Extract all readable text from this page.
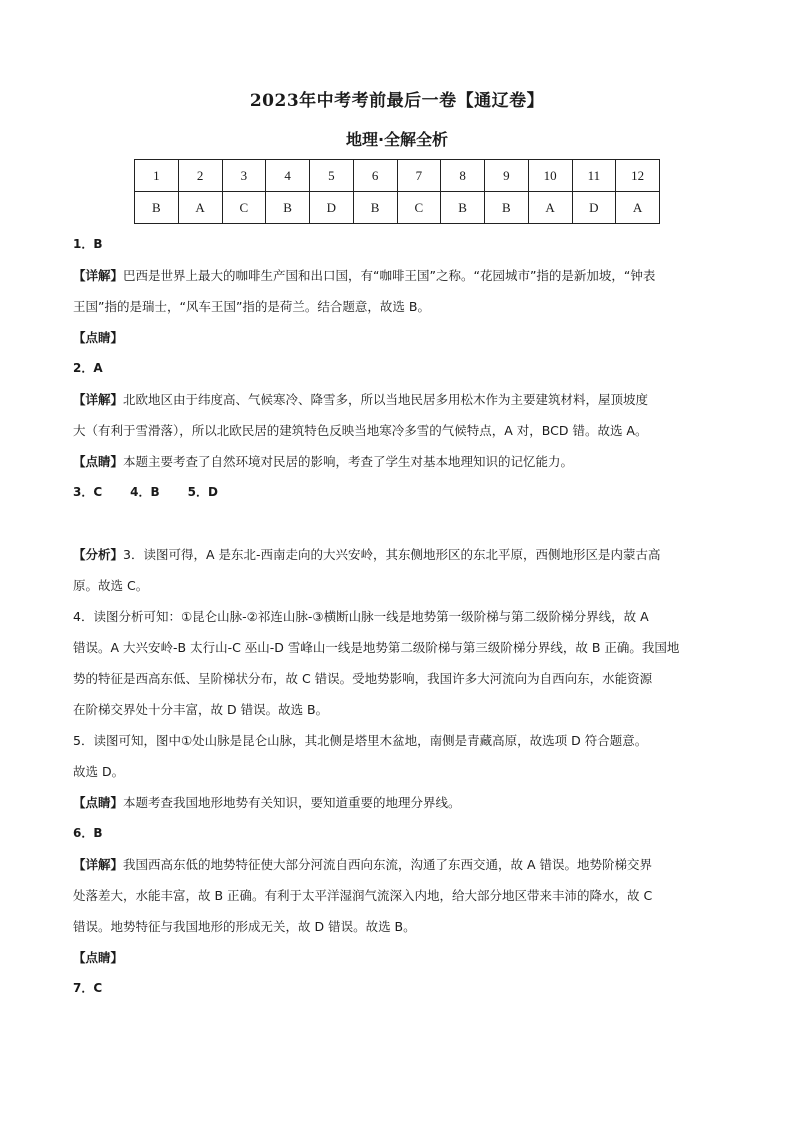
2023年中考考前最后一卷【通辽卷】
地理·全解全析
1	2	3	4	5	6	7	8	9	10	11	12
B	A	C	B	D	B	C	B	B	A	D	A

1．B

【详解】巴西是世界上最大的咖啡生产国和出口国，有“咖啡王国”之称。“花园城市”指的是新加坡，“钟表

王国”指的是瑞士，“风车王国”指的是荷兰。结合题意，故选 B。

【点睛】

2．A

【详解】北欧地区由于纬度高、气候寒冷、降雪多，所以当地民居多用松木作为主要建筑材料，屋顶坡度

大（有利于雪滑落），所以北欧民居的建筑特色反映当地寒冷多雪的气候特点，A 对，BCD 错。故选 A。

【点睛】本题主要考查了自然环境对民居的影响，考查了学生对基本地理知识的记忆能力。

3．C 4．B 5．D

【分析】3．读图可得，A 是东北-西南走向的大兴安岭，其东侧地形区的东北平原，西侧地形区是内蒙古高

原。故选 C。

4．读图分析可知：①昆仑山脉-②祁连山脉-③横断山脉一线是地势第一级阶梯与第二级阶梯分界线，故 A

错误。A 大兴安岭-B 太行山-C 巫山-D 雪峰山一线是地势第二级阶梯与第三级阶梯分界线，故 B 正确。我国地

势的特征是西高东低、呈阶梯状分布，故 C 错误。受地势影响，我国许多大河流向为自西向东，水能资源

在阶梯交界处十分丰富，故 D 错误。故选 B。

5．读图可知，图中①处山脉是昆仑山脉，其北侧是塔里木盆地，南侧是青藏高原，故选项 D 符合题意。

故选 D。

【点睛】本题考查我国地形地势有关知识，要知道重要的地理分界线。

6．B

【详解】我国西高东低的地势特征使大部分河流自西向东流，沟通了东西交通，故 A 错误。地势阶梯交界

处落差大，水能丰富，故 B 正确。有利于太平洋湿润气流深入内地，给大部分地区带来丰沛的降水，故 C

错误。地势特征与我国地形的形成无关，故 D 错误。故选 B。

【点睛】

7．C
